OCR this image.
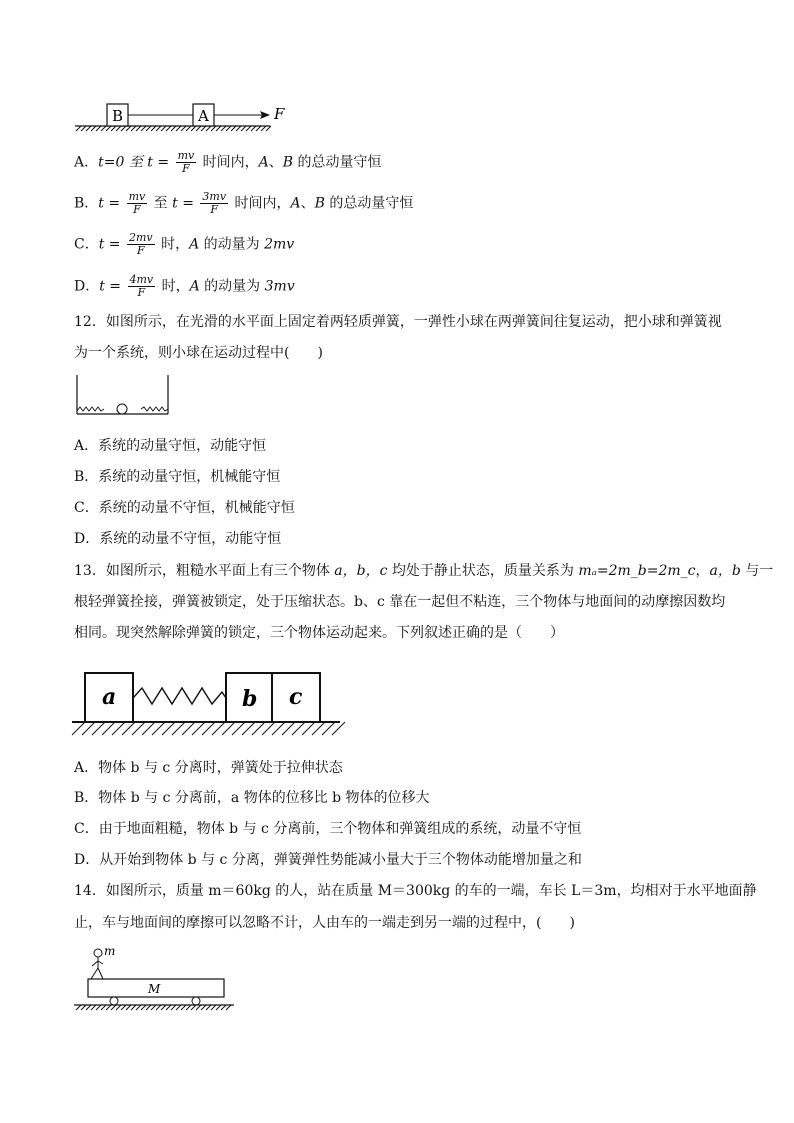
B	A	F
A．t=0 至 $t = \frac{mv}{F}$ 时间内，A、B 的总动量守恒
B．$t = \frac{mv}{F}$ 至 $t = \frac{3mv}{F}$ 时间内，A、B 的总动量守恒
C．$t = \frac{2mv}{F}$ 时，A 的动量为 2mv
D．$t = \frac{4mv}{F}$ 时，A 的动量为 3mv
12．如图所示，在光滑的水平面上固定着两轻质弹簧，一弹性小球在两弹簧间往复运动，把小球和弹簧视
为一个系统，则小球在运动过程中(　　)
A．系统的动量守恒，动能守恒
B．系统的动量守恒，机械能守恒
C．系统的动量不守恒，机械能守恒
D．系统的动量不守恒，动能守恒
13．如图所示，粗糙水平面上有三个物体 a，b，c 均处于静止状态，质量关系为 mₐ=2m_b=2m_c，a，b 与一
根轻弹簧拴接，弹簧被锁定，处于压缩状态。b、c 靠在一起但不粘连，三个物体与地面间的动摩擦因数均
相同。现突然解除弹簧的锁定，三个物体运动起来。下列叙述正确的是（　　）
a	b c
A．物体 b 与 c 分离时，弹簧处于拉伸状态
B．物体 b 与 c 分离前，a 物体的位移比 b 物体的位移大
C．由于地面粗糙，物体 b 与 c 分离前，三个物体和弹簧组成的系统，动量不守恒
D．从开始到物体 b 与 c 分离，弹簧弹性势能减小量大于三个物体动能增加量之和
14．如图所示，质量 m＝60kg 的人，站在质量 M＝300kg 的车的一端，车长 L＝3m，均相对于水平地面静
止，车与地面间的摩擦可以忽略不计，人由车的一端走到另一端的过程中，(　　)
m
M
